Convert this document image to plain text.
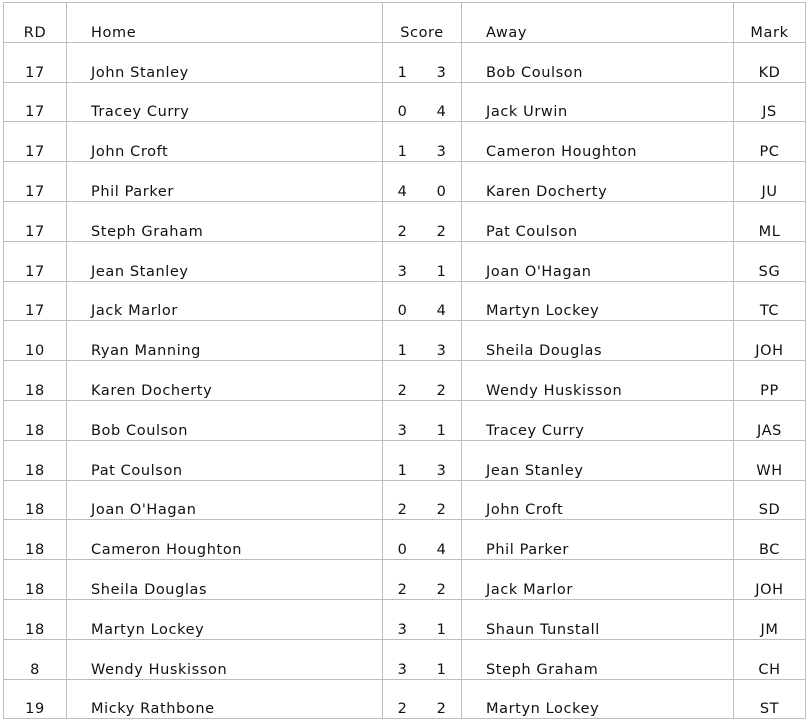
RD	Home	Score		Away	Mark
17	John Stanley	1	3	Bob Coulson	KD
17	Tracey Curry	0	4	Jack Urwin	JS
17	John Croft	1	3	Cameron Houghton	PC
17	Phil Parker	4	0	Karen Docherty	JU
17	Steph Graham	2	2	Pat Coulson	ML
17	Jean Stanley	3	1	Joan O'Hagan	SG
17	Jack Marlor	0	4	Martyn Lockey	TC
10	Ryan Manning	1	3	Sheila Douglas	JOH
18	Karen Docherty	2	2	Wendy Huskisson	PP
18	Bob Coulson	3	1	Tracey Curry	JAS
18	Pat Coulson	1	3	Jean Stanley	WH
18	Joan O'Hagan	2	2	John Croft	SD
18	Cameron Houghton	0	4	Phil Parker	BC
18	Sheila Douglas	2	2	Jack Marlor	JOH
18	Martyn Lockey	3	1	Shaun Tunstall	JM
8	Wendy Huskisson	3	1	Steph Graham	CH
19	Micky Rathbone	2	2	Martyn Lockey	ST
